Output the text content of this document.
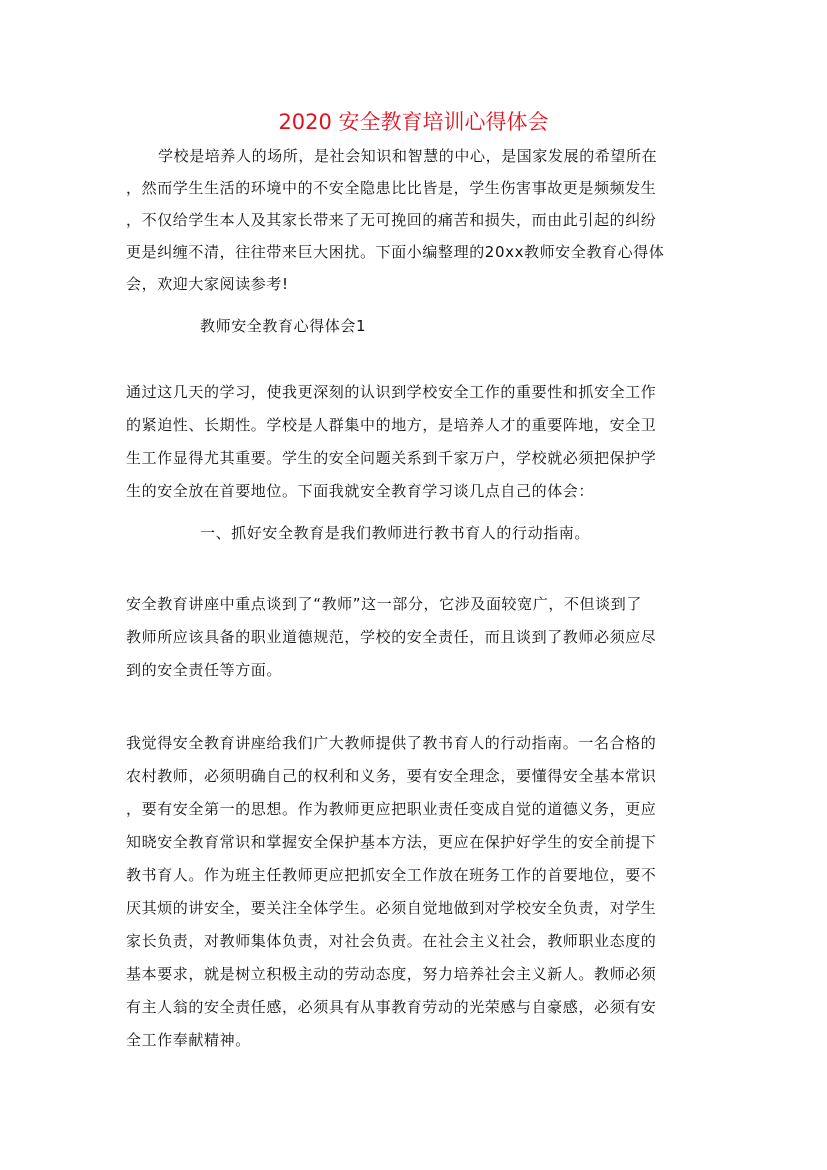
2020 安全教育培训心得体会
学校是培养人的场所，是社会知识和智慧的中心，是国家发展的希望所在
，然而学生生活的环境中的不安全隐患比比皆是，学生伤害事故更是频频发生
，不仅给学生本人及其家长带来了无可挽回的痛苦和损失，而由此引起的纠纷
更是纠缠不清，往往带来巨大困扰。下面小编整理的20xx教师安全教育心得体
会，欢迎大家阅读参考!
教师安全教育心得体会1
通过这几天的学习，使我更深刻的认识到学校安全工作的重要性和抓安全工作
的紧迫性、长期性。学校是人群集中的地方，是培养人才的重要阵地，安全卫
生工作显得尤其重要。学生的安全问题关系到千家万户，学校就必须把保护学
生的安全放在首要地位。下面我就安全教育学习谈几点自己的体会：
一、抓好安全教育是我们教师进行教书育人的行动指南。
安全教育讲座中重点谈到了“教师”这一部分，它涉及面较宽广，不但谈到了
教师所应该具备的职业道德规范，学校的安全责任，而且谈到了教师必须应尽
到的安全责任等方面。
我觉得安全教育讲座给我们广大教师提供了教书育人的行动指南。一名合格的
农村教师，必须明确自己的权利和义务，要有安全理念，要懂得安全基本常识
，要有安全第一的思想。作为教师更应把职业责任变成自觉的道德义务，更应
知晓安全教育常识和掌握安全保护基本方法，更应在保护好学生的安全前提下
教书育人。作为班主任教师更应把抓安全工作放在班务工作的首要地位，要不
厌其烦的讲安全，要关注全体学生。必须自觉地做到对学校安全负责，对学生
家长负责，对教师集体负责，对社会负责。在社会主义社会，教师职业态度的
基本要求，就是树立积极主动的劳动态度，努力培养社会主义新人。教师必须
有主人翁的安全责任感，必须具有从事教育劳动的光荣感与自豪感，必须有安
全工作奉献精神。
